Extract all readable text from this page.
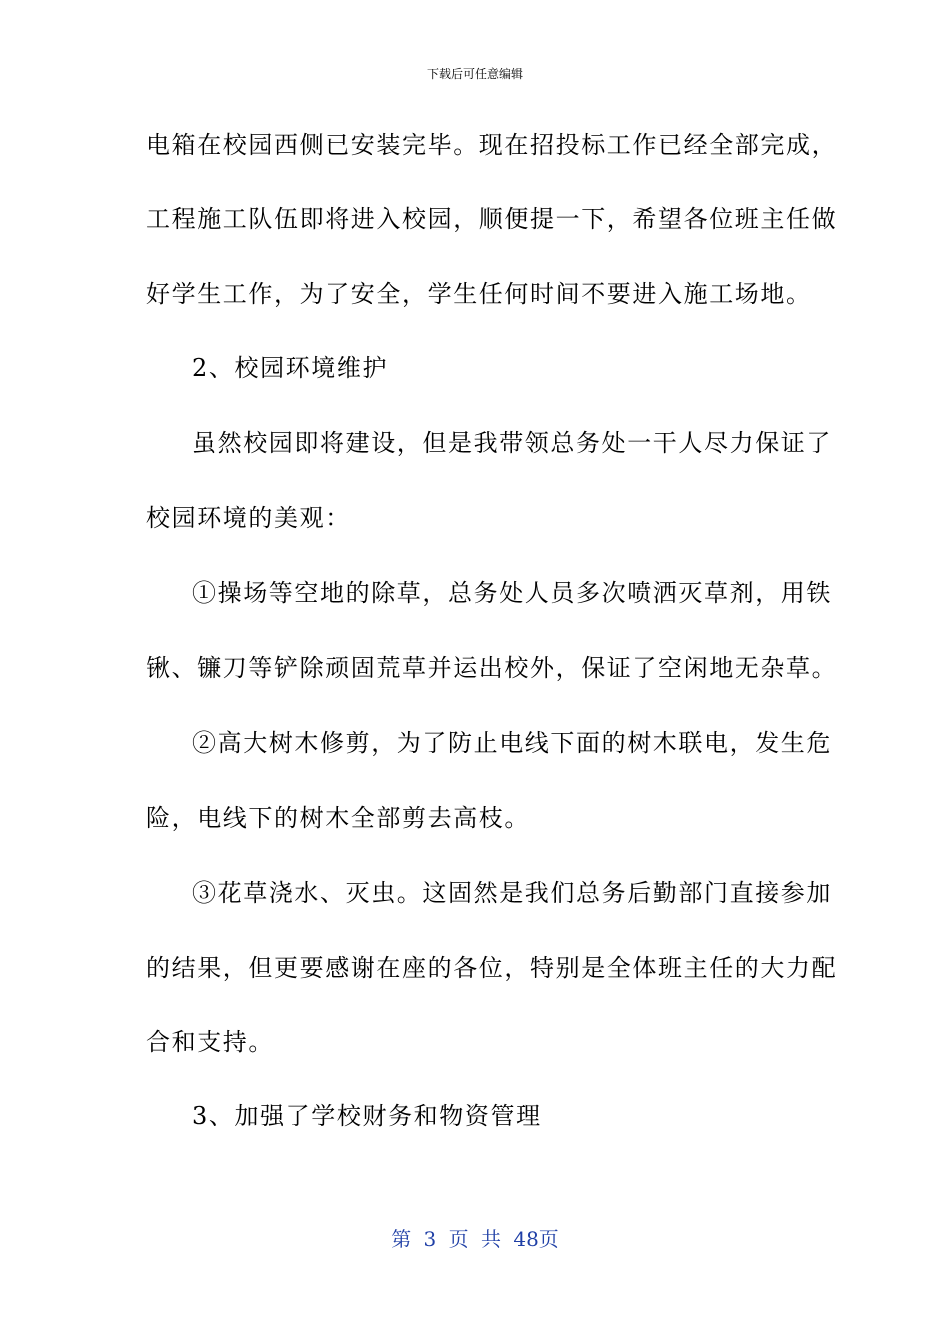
下载后可任意编辑
电箱在校园西侧已安装完毕。现在招投标工作已经全部完成，
工程施工队伍即将进入校园，顺便提一下，希望各位班主任做
好学生工作，为了安全，学生任何时间不要进入施工场地。
2、校园环境维护
虽然校园即将建设，但是我带领总务处一干人尽力保证了
校园环境的美观：
①操场等空地的除草，总务处人员多次喷洒灭草剂，用铁
锹、镰刀等铲除顽固荒草并运出校外，保证了空闲地无杂草。
②高大树木修剪，为了防止电线下面的树木联电，发生危
险，电线下的树木全部剪去高枝。
③花草浇水、灭虫。这固然是我们总务后勤部门直接参加
的结果，但更要感谢在座的各位，特别是全体班主任的大力配
合和支持。
3、加强了学校财务和物资管理
第 3 页 共 48页
